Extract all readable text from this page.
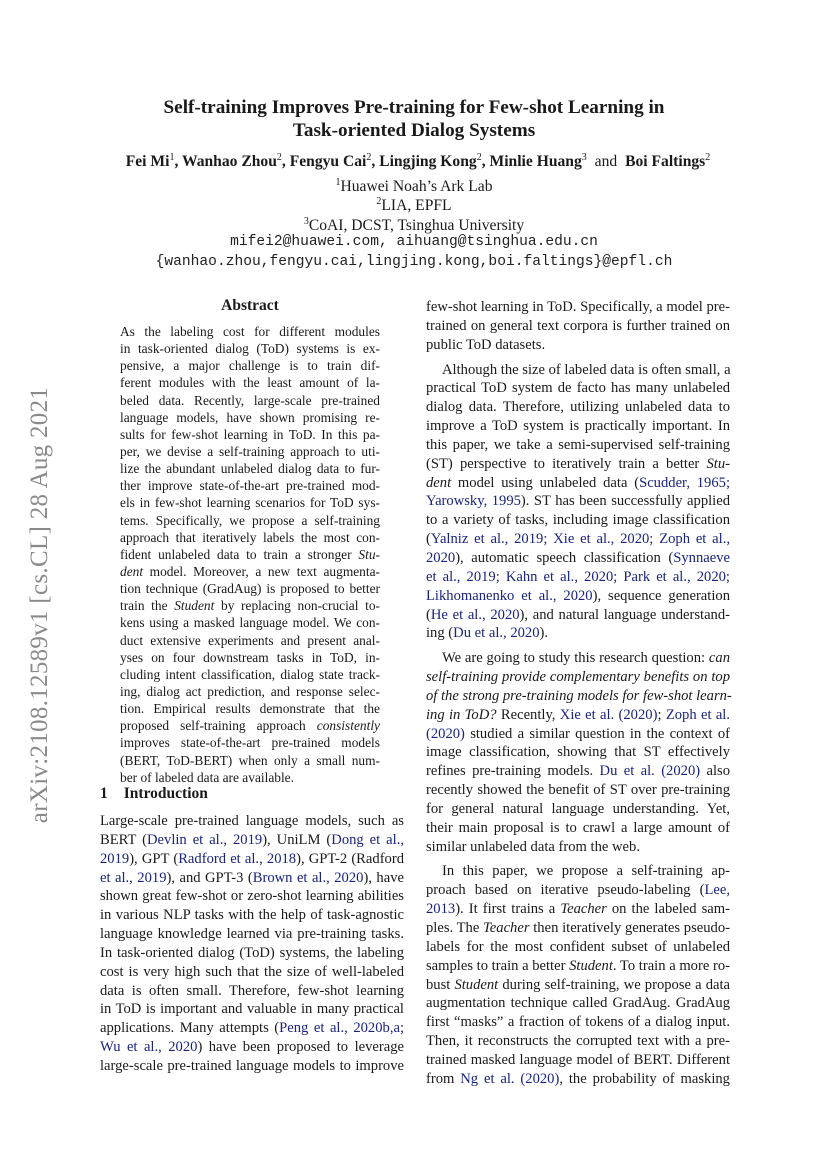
arXiv:2108.12589v1 [cs.CL] 28 Aug 2021
Self-training Improves Pre-training for Few-shot Learning in
Task-oriented Dialog Systems
Fei Mi$^1$, Wanhao Zhou$^2$, Fengyu Cai$^2$, Lingjing Kong$^2$, Minlie Huang$^3$ and Boi Faltings$^2$
$^1$Huawei Noah’s Ark Lab
$^2$LIA, EPFL
$^3$CoAI, DCST, Tsinghua University
mifei2@huawei.com, aihuang@tsinghua.edu.cn
{wanhao.zhou,fengyu.cai,lingjing.kong,boi.faltings}@epfl.ch
Abstract
As the labeling cost for different modules
in task-oriented dialog (ToD) systems is ex-
pensive, a major challenge is to train dif-
ferent modules with the least amount of la-
beled data. Recently, large-scale pre-trained
language models, have shown promising re-
sults for few-shot learning in ToD. In this pa-
per, we devise a self-training approach to uti-
lize the abundant unlabeled dialog data to fur-
ther improve state-of-the-art pre-trained mod-
els in few-shot learning scenarios for ToD sys-
tems. Specifically, we propose a self-training
approach that iteratively labels the most con-
fident unlabeled data to train a stronger Stu-
dent model. Moreover, a new text augmenta-
tion technique (GradAug) is proposed to better
train the Student by replacing non-crucial to-
kens using a masked language model. We con-
duct extensive experiments and present anal-
yses on four downstream tasks in ToD, in-
cluding intent classification, dialog state track-
ing, dialog act prediction, and response selec-
tion. Empirical results demonstrate that the
proposed self-training approach consistently
improves state-of-the-art pre-trained models
(BERT, ToD-BERT) when only a small num-
ber of labeled data are available.
1 Introduction
Large-scale pre-trained language models, such as
BERT (Devlin et al., 2019), UniLM (Dong et al.,
2019), GPT (Radford et al., 2018), GPT-2 (Radford
et al., 2019), and GPT-3 (Brown et al., 2020), have
shown great few-shot or zero-shot learning abilities
in various NLP tasks with the help of task-agnostic
language knowledge learned via pre-training tasks.
In task-oriented dialog (ToD) systems, the labeling
cost is very high such that the size of well-labeled
data is often small. Therefore, few-shot learning
in ToD is important and valuable in many practical
applications. Many attempts (Peng et al., 2020b,a;
Wu et al., 2020) have been proposed to leverage
large-scale pre-trained language models to improve
few-shot learning in ToD. Specifically, a model pre-
trained on general text corpora is further trained on
public ToD datasets.
Although the size of labeled data is often small, a
practical ToD system de facto has many unlabeled
dialog data. Therefore, utilizing unlabeled data to
improve a ToD system is practically important. In
this paper, we take a semi-supervised self-training
(ST) perspective to iteratively train a better Stu-
dent model using unlabeled data (Scudder, 1965;
Yarowsky, 1995). ST has been successfully applied
to a variety of tasks, including image classification
(Yalniz et al., 2019; Xie et al., 2020; Zoph et al.,
2020), automatic speech classification (Synnaeve
et al., 2019; Kahn et al., 2020; Park et al., 2020;
Likhomanenko et al., 2020), sequence generation
(He et al., 2020), and natural language understand-
ing (Du et al., 2020).
We are going to study this research question: can
self-training provide complementary benefits on top
of the strong pre-training models for few-shot learn-
ing in ToD? Recently, Xie et al. (2020); Zoph et al.
(2020) studied a similar question in the context of
image classification, showing that ST effectively
refines pre-training models. Du et al. (2020) also
recently showed the benefit of ST over pre-training
for general natural language understanding. Yet,
their main proposal is to crawl a large amount of
similar unlabeled data from the web.
In this paper, we propose a self-training ap-
proach based on iterative pseudo-labeling (Lee,
2013). It first trains a Teacher on the labeled sam-
ples. The Teacher then iteratively generates pseudo-
labels for the most confident subset of unlabeled
samples to train a better Student. To train a more ro-
bust Student during self-training, we propose a data
augmentation technique called GradAug. GradAug
first “masks” a fraction of tokens of a dialog input.
Then, it reconstructs the corrupted text with a pre-
trained masked language model of BERT. Different
from Ng et al. (2020), the probability of masking
